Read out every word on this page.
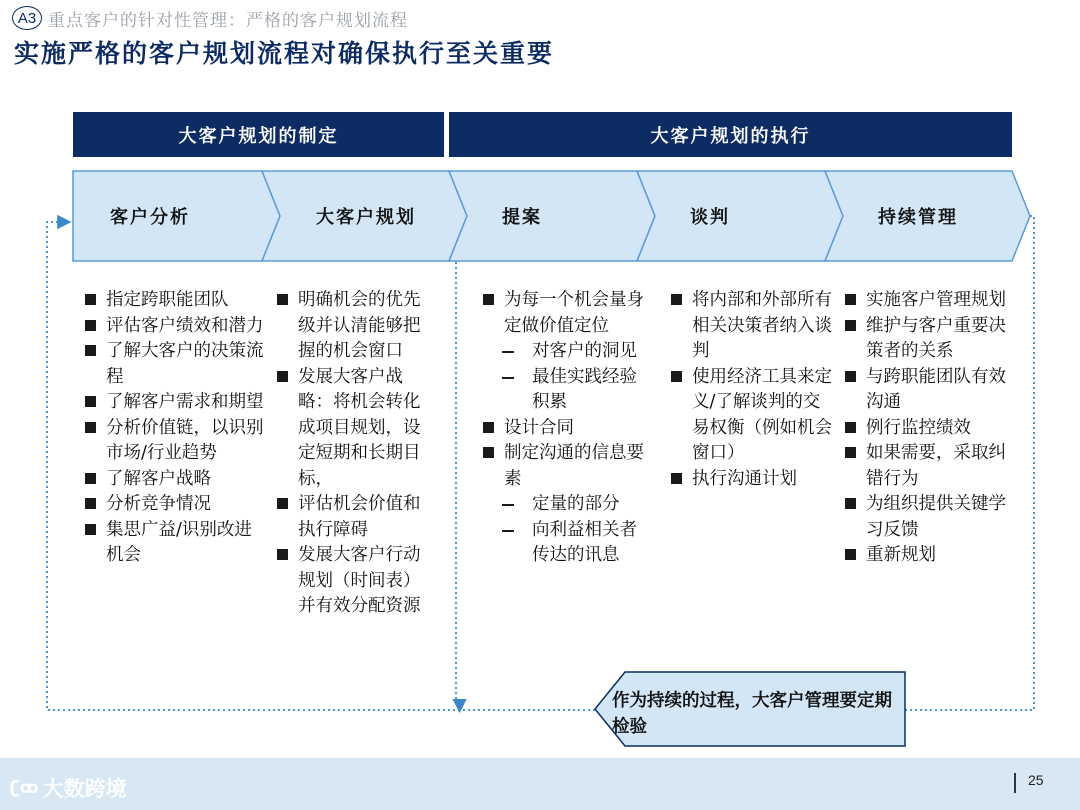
A3 重点客户的针对性管理：严格的客户规划流程
实施严格的客户规划流程对确保执行至关重要
大客户规划的制定	大客户规划的执行
客户分析	大客户规划	提案	谈判	持续管理
指定跨职能团队
评估客户绩效和潜力
了解大客户的决策流程
了解客户需求和期望
分析价值链，以识别市场/行业趋势
了解客户战略
分析竞争情况
集思广益/识别改进机会
明确机会的优先级并认清能够把握的机会窗口
发展大客户战略：将机会转化成项目规划，设定短期和长期目标，
评估机会价值和执行障碍
发展大客户行动规划（时间表）并有效分配资源
为每一个机会量身定做价值定位
对客户的洞见
最佳实践经验积累
设计合同
制定沟通的信息要素
定量的部分
向利益相关者传达的讯息
将内部和外部所有相关决策者纳入谈判
使用经济工具来定义/了解谈判的交易权衡（例如机会窗口）
执行沟通计划
实施客户管理规划
维护与客户重要决策者的关系
与跨职能团队有效沟通
例行监控绩效
如果需要，采取纠错行为
为组织提供关键学习反馈
重新规划
作为持续的过程，大客户管理要定期检验
ʗꝏ 大数跨境	25
